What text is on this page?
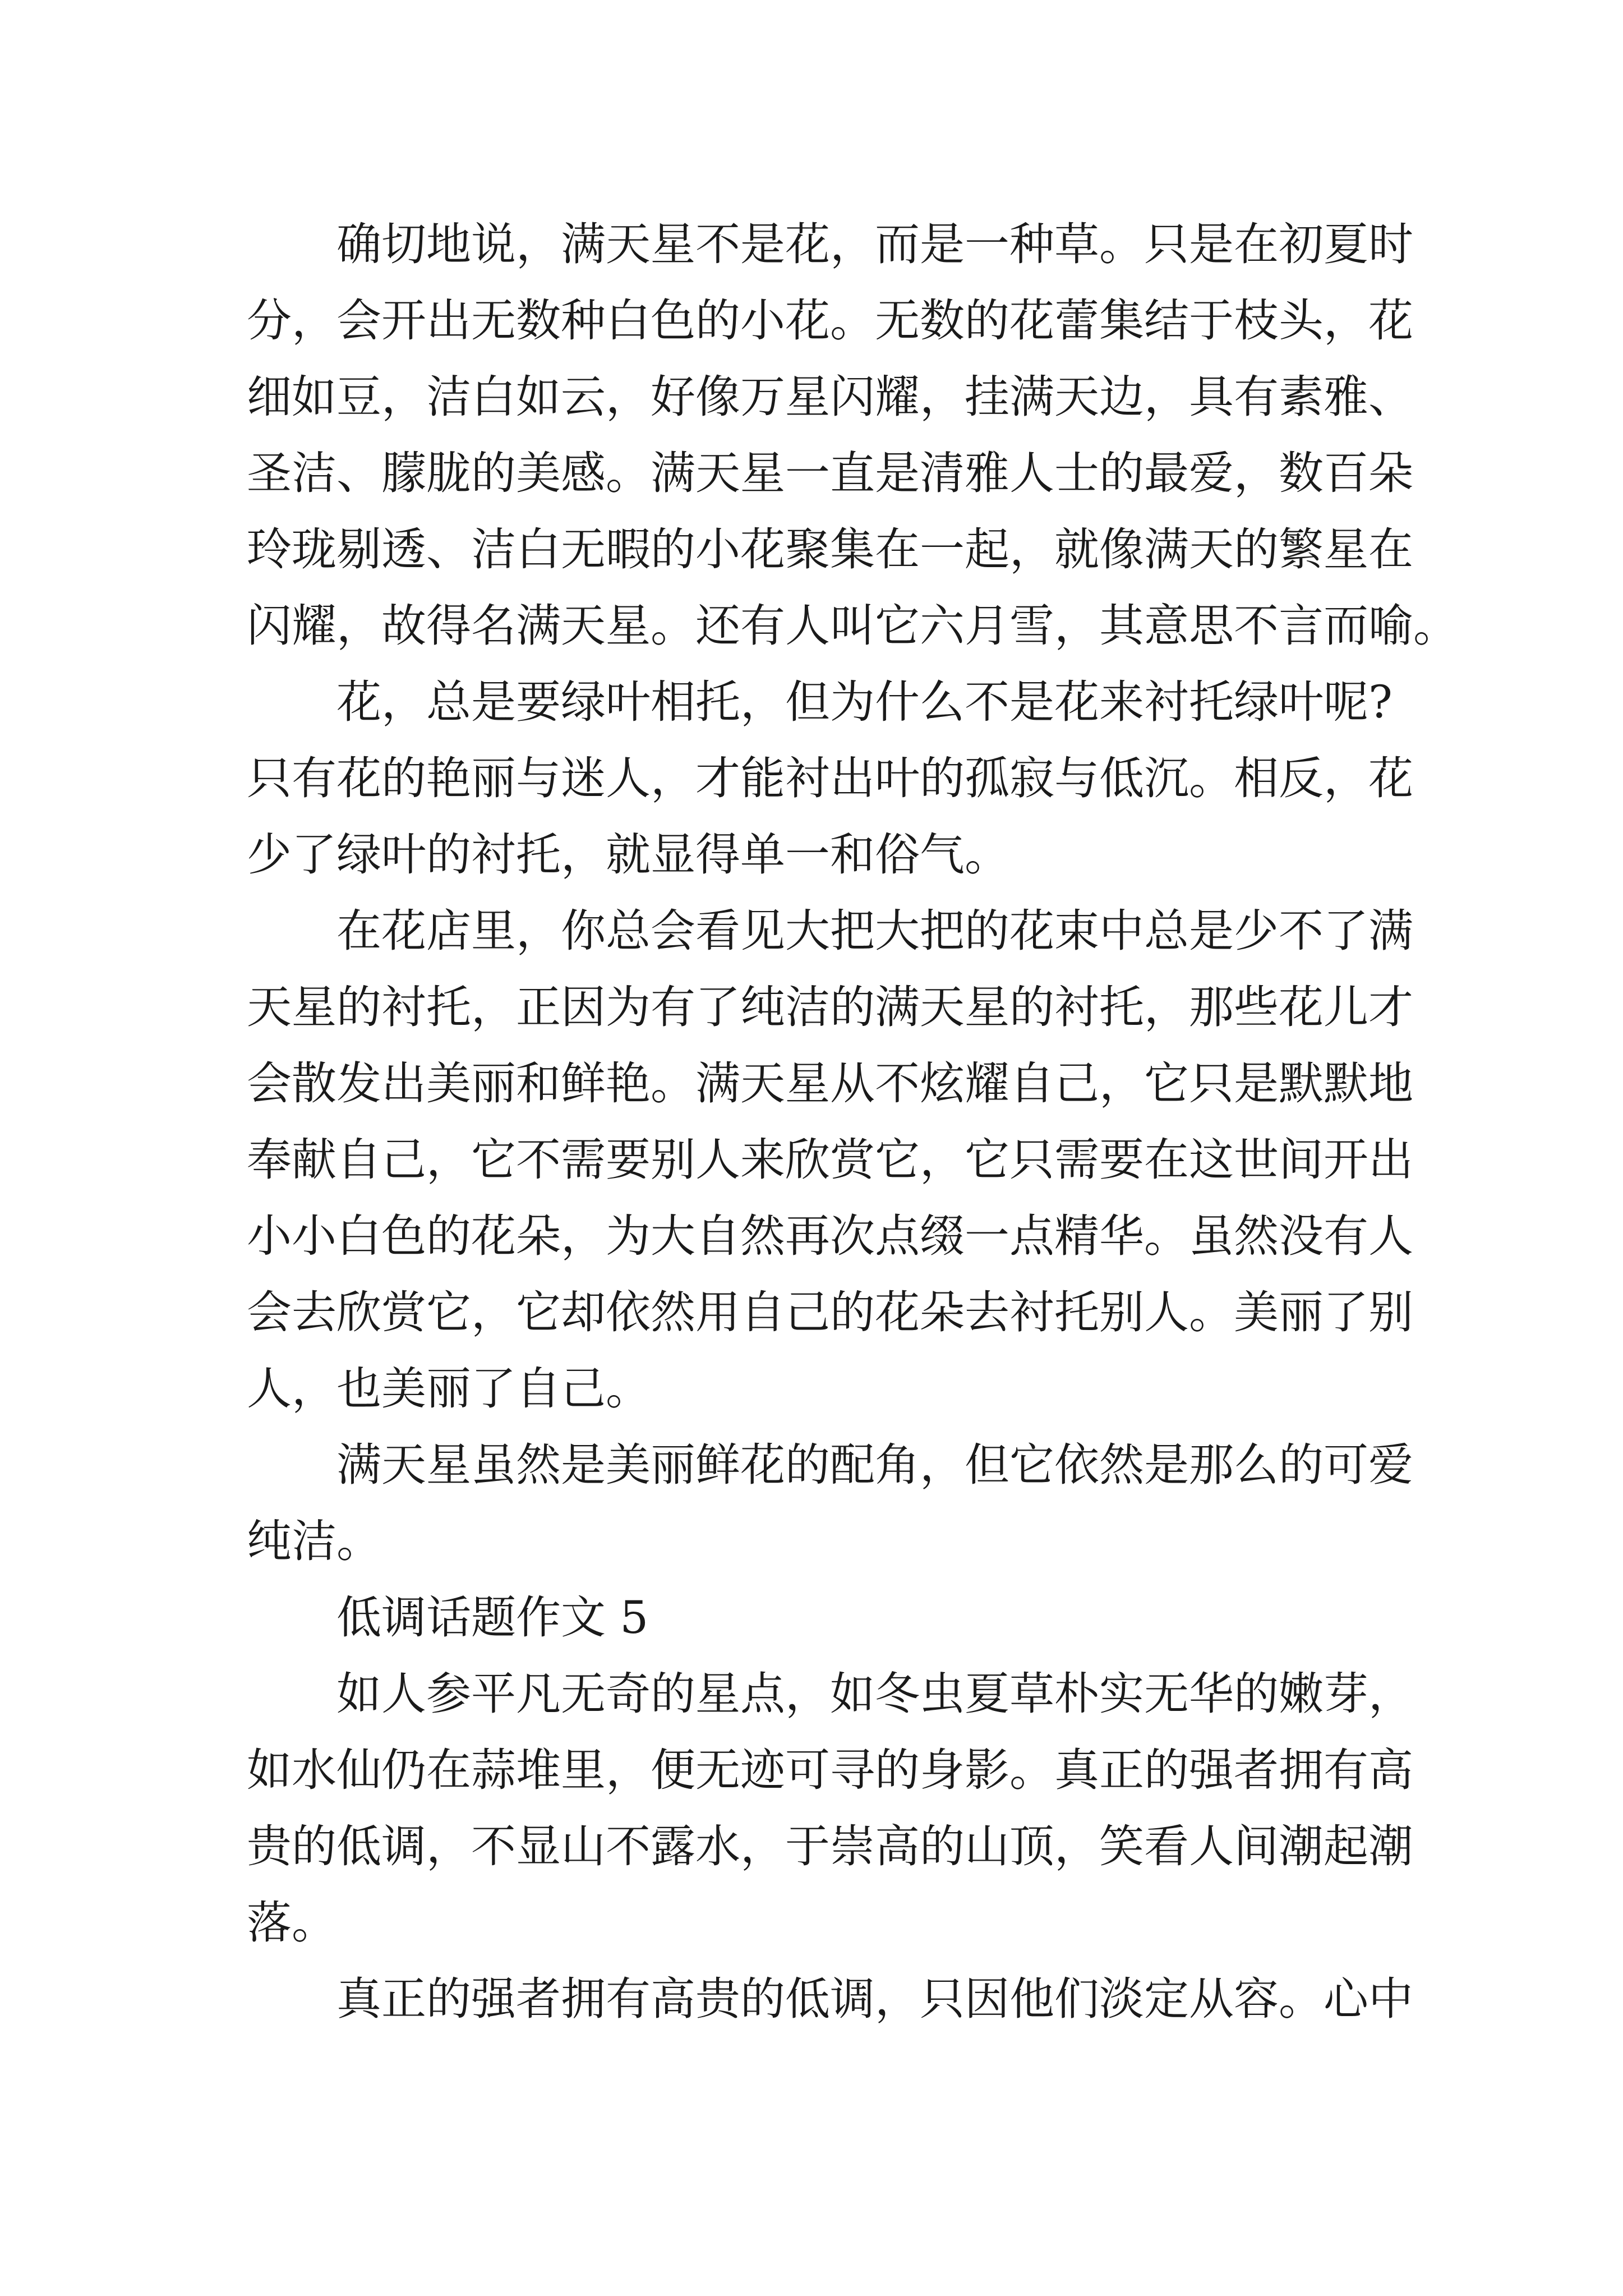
确切地说，满天星不是花，而是一种草。只是在初夏时
分，会开出无数种白色的小花。无数的花蕾集结于枝头，花
细如豆，洁白如云，好像万星闪耀，挂满天边，具有素雅、
圣洁、朦胧的美感。满天星一直是清雅人士的最爱，数百朵
玲珑剔透、洁白无暇的小花聚集在一起，就像满天的繁星在
闪耀，故得名满天星。还有人叫它六月雪，其意思不言而喻。
花，总是要绿叶相托，但为什么不是花来衬托绿叶呢?
只有花的艳丽与迷人，才能衬出叶的孤寂与低沉。相反，花
少了绿叶的衬托，就显得单一和俗气。
在花店里，你总会看见大把大把的花束中总是少不了满
天星的衬托，正因为有了纯洁的满天星的衬托，那些花儿才
会散发出美丽和鲜艳。满天星从不炫耀自己，它只是默默地
奉献自己，它不需要别人来欣赏它，它只需要在这世间开出
小小白色的花朵，为大自然再次点缀一点精华。虽然没有人
会去欣赏它，它却依然用自己的花朵去衬托别人。美丽了别
人，也美丽了自己。
满天星虽然是美丽鲜花的配角，但它依然是那么的可爱
纯洁。
低调话题作文 5
如人参平凡无奇的星点，如冬虫夏草朴实无华的嫩芽，
如水仙仍在蒜堆里，便无迹可寻的身影。真正的强者拥有高
贵的低调，不显山不露水，于崇高的山顶，笑看人间潮起潮
落。
真正的强者拥有高贵的低调，只因他们淡定从容。心中
